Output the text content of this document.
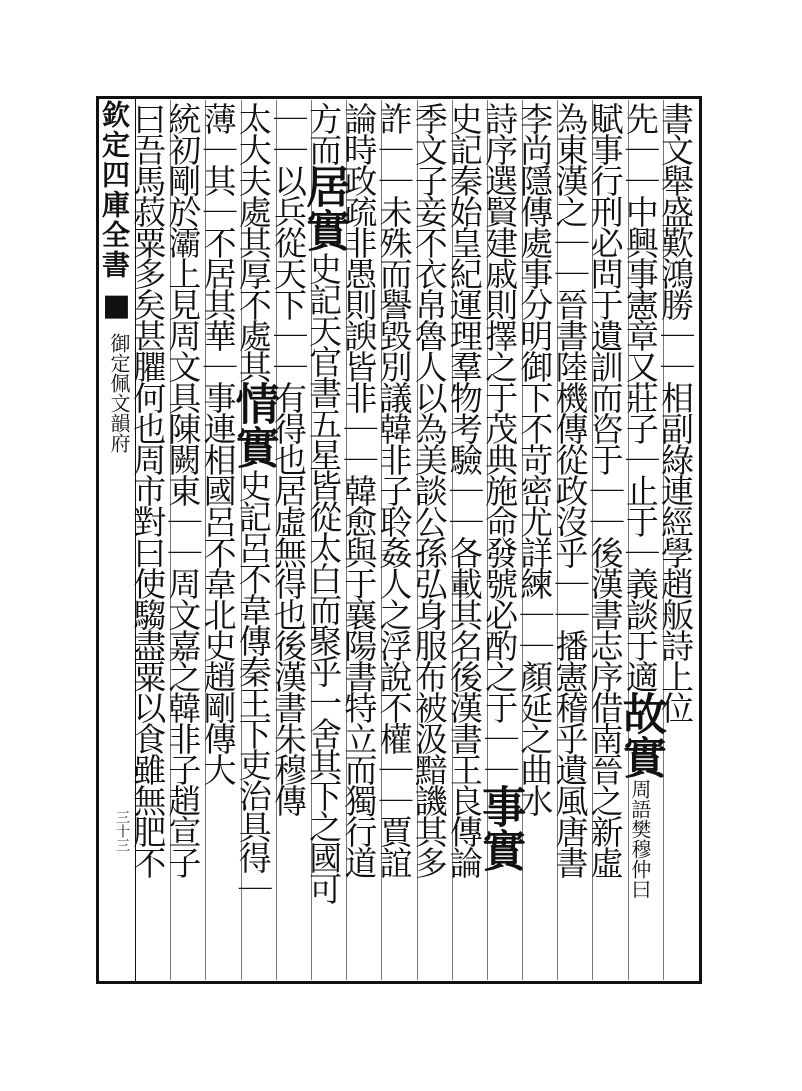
欽定四庫全書
■
御定佩文韻府
三十三
書文舉盛歎鴻勝｜｜相副綠連經學趙舨詩上位
先｜｜中興事憲章又莊子｜止于｜義談于適故實周語樊穆仲曰
賦事行刑必問于遺訓而咨于｜｜後漢書志序借南晉之新虛
為東漢之｜｜晉書陸機傳從政沒乎｜｜播憲稽乎遺風唐書
李尚隱傳處事分明御下不苛密尤詳練｜｜顏延之曲水
詩序選賢建戚則擇之于茂典施命發號必酌之于｜｜事實
史記秦始皇紀運理羣物考驗｜｜各載其名後漢書王良傳論
季文子妾不衣帛魯人以為美談公孫弘身服布被汲黯譏其多
詐｜｜未殊而譽毀別議韓非子聆姦人之浮說不權｜｜賈誼
論時政疏非愚則諛皆非｜｜韓愈與于襄陽書特立而獨行道
方而居實史記天官書五星皆從太白而聚乎一舍其下之國可
｜｜以兵從天下｜｜有得也居虛無得也後漢書朱穆傳
太大夫處其厚不處其情實史記呂不韋傳秦王下吏治具得｜
薄｜其｜不居其華｜事連相國呂不韋北史趙剛傳大
統初剛於灞上見周文具陳闕東｜｜周文嘉之韓非子趙宣子
曰吾馬菽粟多矣甚臞何也周市對曰使騶盡粟以食雖無肥不
